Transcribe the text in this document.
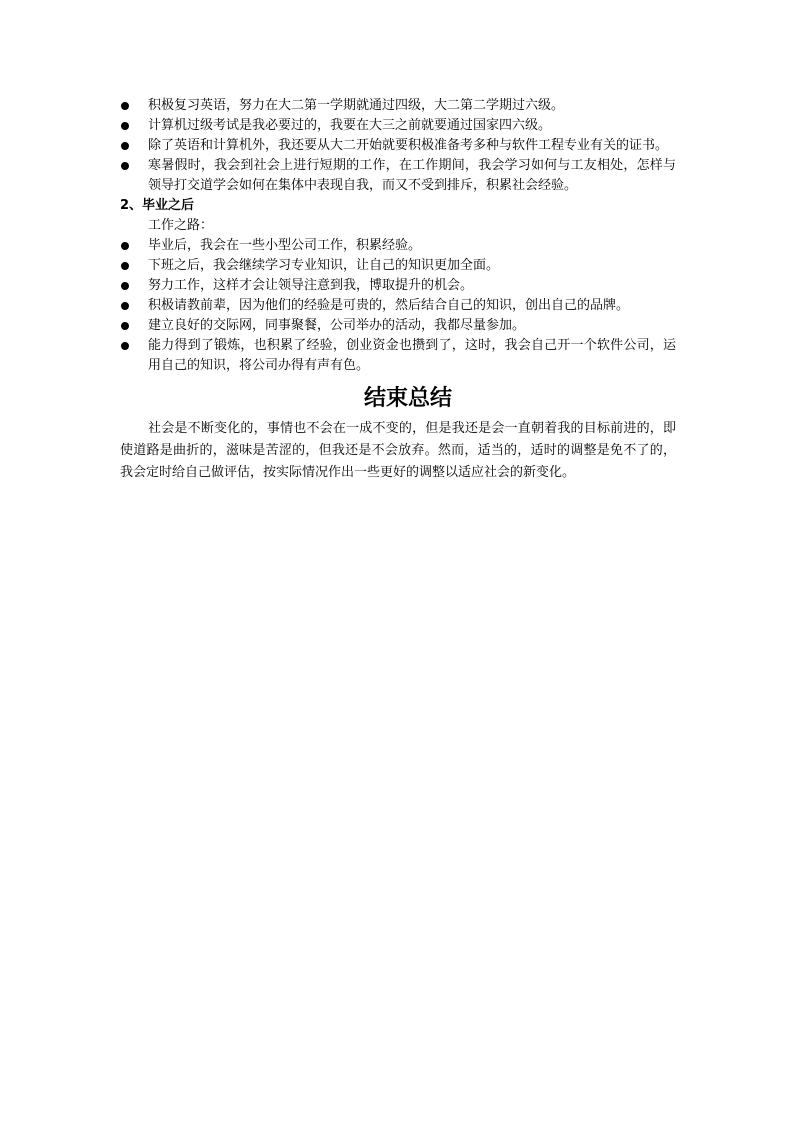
积极复习英语，努力在大二第一学期就通过四级，大二第二学期过六级。
计算机过级考试是我必要过的，我要在大三之前就要通过国家四六级。
除了英语和计算机外，我还要从大二开始就要积极准备考多种与软件工程专业有关的证书。
寒暑假时，我会到社会上进行短期的工作，在工作期间，我会学习如何与工友相处，怎样与领导打交道学会如何在集体中表现自我，而又不受到排斥，积累社会经验。

2、毕业之后

工作之路：

毕业后，我会在一些小型公司工作，积累经验。
下班之后，我会继续学习专业知识，让自己的知识更加全面。
努力工作，这样才会让领导注意到我，博取提升的机会。
积极请教前辈，因为他们的经验是可贵的，然后结合自己的知识，创出自己的品牌。
建立良好的交际网，同事聚餐，公司举办的活动，我都尽量参加。
能力得到了锻炼，也积累了经验，创业资金也攒到了，这时，我会自己开一个软件公司，运用自己的知识，将公司办得有声有色。
结束总结

社会是不断变化的，事情也不会在一成不变的，但是我还是会一直朝着我的目标前进的，即使道路是曲折的，滋味是苦涩的，但我还是不会放弃。然而，适当的，适时的调整是免不了的，我会定时给自己做评估，按实际情况作出一些更好的调整以适应社会的新变化。
